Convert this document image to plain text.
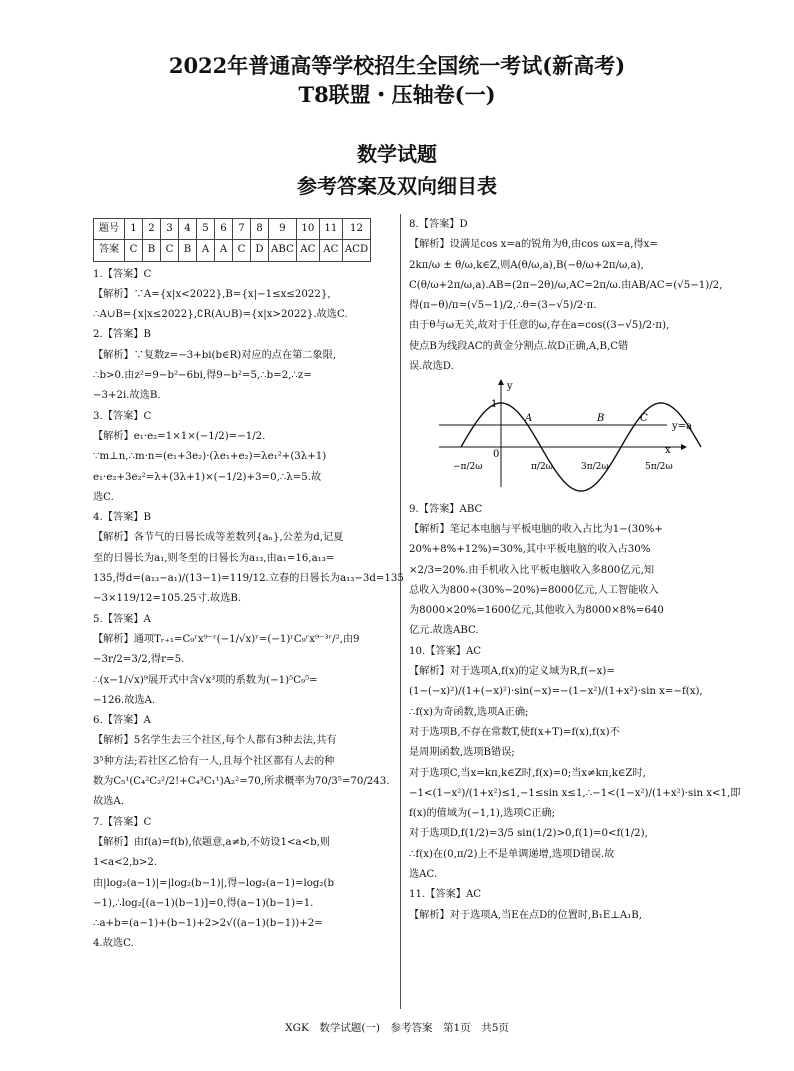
2022年普通高等学校招生全国统一考试(新高考)
T8联盟・压轴卷(一)
数学试题
参考答案及双向细目表
题号	1	2	3	4	5	6	7	8	9	10	11	12
答案	C	B	C	B	A	A	C	D	ABC	AC	AC	ACD
1.【答案】C
【解析】∵A={x|x<2022},B={x|−1≤x≤2022},
∴A∪B={x|x≤2022},∁R(A∪B)={x|x>2022}.故选C.
2.【答案】B
【解析】∵复数z=−3+bi(b∈R)对应的点在第二象限,
∴b>0.由z²=9−b²−6bi,得9−b²=5,∴b=2,∴z=
−3+2i.故选B.
3.【答案】C
【解析】e₁·e₂=1×1×(−1/2)=−1/2.
∵m⊥n,∴m·n=(e₁+3e₂)·(λe₁+e₂)=λe₁²+(3λ+1)
e₁·e₂+3e₂²=λ+(3λ+1)×(−1/2)+3=0,∴λ=5.故
选C.
4.【答案】B
【解析】各节气的日晷长成等差数列{aₙ},公差为d,记夏
至的日晷长为a₁,则冬至的日晷长为a₁₃,由a₁=16,a₁₃=
135,得d=(a₁₃−a₁)/(13−1)=119/12.立春的日晷长为a₁₃−3d=135
−3×119/12=105.25寸.故选B.
5.【答案】A
【解析】通项Tᵣ₊₁=C₉ʳx⁹⁻ʳ(−1/√x)ʳ=(−1)ʳC₉ʳx⁹⁻³ʳ/²,由9
−3r/2=3/2,得r=5.
∴(x−1/√x)⁹展开式中含√x³项的系数为(−1)⁵C₉⁵=
−126.故选A.
6.【答案】A
【解析】5名学生去三个社区,每个人都有3种去法,共有
3⁵种方法;若社区乙恰有一人,且每个社区都有人去的种
数为C₅¹(C₄²C₂²/2!+C₄³C₁¹)A₂²=70,所求概率为70/3⁵=70/243.
故选A.
7.【答案】C
【解析】由f(a)=f(b),依题意,a≠b,不妨设1<a<b,则
1<a<2,b>2.
由|log₂(a−1)|=|log₂(b−1)|,得−log₂(a−1)=log₂(b
−1),∴log₂[(a−1)(b−1)]=0,得(a−1)(b−1)=1.
∴a+b=(a−1)+(b−1)+2>2√((a−1)(b−1))+2=
4.故选C.
8.【答案】D
【解析】设满足cos x=a的锐角为θ,由cos ωx=a,得x=
2kπ/ω ± θ/ω,k∈Z,则A(θ/ω,a),B(−θ/ω+2π/ω,a),
C(θ/ω+2π/ω,a).AB=(2π−2θ)/ω,AC=2π/ω.由AB/AC=(√5−1)/2,
得(π−θ)/π=(√5−1)/2,∴θ=(3−√5)/2·π.
由于θ与ω无关,故对于任意的ω,存在a=cos((3−√5)/2·π),
使点B为线段AC的黄金分割点.故D正确,A,B,C错
误.故选D.
y
x
y=a
1
0
A	B	C
−π/2ω	π/2ω	3π/2ω	5π/2ω
9.【答案】ABC
【解析】笔记本电脑与平板电脑的收入占比为1−(30%+
20%+8%+12%)=30%,其中平板电脑的收入占30%
×2/3=20%.由手机收入比平板电脑收入多800亿元,知
总收入为800÷(30%−20%)=8000亿元,人工智能收入
为8000×20%=1600亿元,其他收入为8000×8%=640
亿元.故选ABC.
10.【答案】AC
【解析】对于选项A,f(x)的定义域为R,f(−x)=
(1−(−x)²)/(1+(−x)²)·sin(−x)=−(1−x²)/(1+x²)·sin x=−f(x),
∴f(x)为奇函数,选项A正确;
对于选项B,不存在常数T,使f(x+T)=f(x),f(x)不
是周期函数,选项B错误;
对于选项C,当x=kπ,k∈Z时,f(x)=0;当x≠kπ,k∈Z时,
−1<(1−x²)/(1+x²)≤1,−1≤sin x≤1,∴−1<(1−x²)/(1+x²)·sin x<1,即
f(x)的值域为(−1,1),选项C正确;
对于选项D,f(1/2)=3/5 sin(1/2)>0,f(1)=0<f(1/2),
∴f(x)在(0,π/2)上不是单调递增,选项D错误.故
选AC.
11.【答案】AC
【解析】对于选项A,当E在点D的位置时,B₁E⊥A₁B,
XGK　数学试题(一)　参考答案　第1页　共5页
